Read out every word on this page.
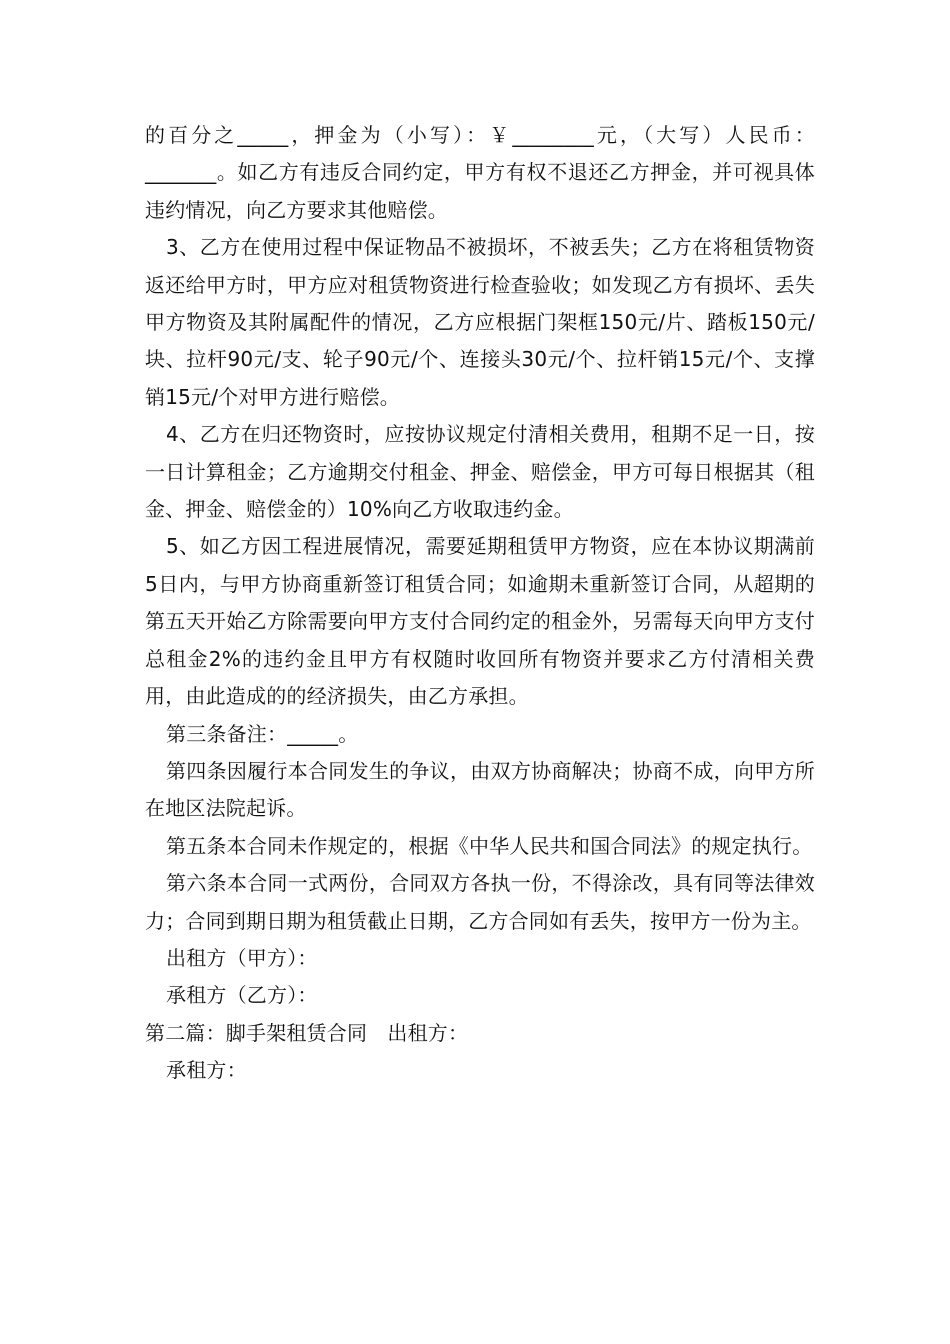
的百分之_____，押金为（小写）：￥________元，（大写）人民币：_______。如乙方有违反合同约定，甲方有权不退还乙方押金，并可视具体违约情况，向乙方要求其他赔偿。

3、乙方在使用过程中保证物品不被损坏，不被丢失；乙方在将租赁物资返还给甲方时，甲方应对租赁物资进行检查验收；如发现乙方有损坏、丢失甲方物资及其附属配件的情况，乙方应根据门架框150元/片、踏板150元/块、拉杆90元/支、轮子90元/个、连接头30元/个、拉杆销15元/个、支撑销15元/个对甲方进行赔偿。

4、乙方在归还物资时，应按协议规定付清相关费用，租期不足一日，按一日计算租金；乙方逾期交付租金、押金、赔偿金，甲方可每日根据其（租金、押金、赔偿金的）10%向乙方收取违约金。

5、如乙方因工程进展情况，需要延期租赁甲方物资，应在本协议期满前5日内，与甲方协商重新签订租赁合同；如逾期未重新签订合同，从超期的第五天开始乙方除需要向甲方支付合同约定的租金外，另需每天向甲方支付总租金2%的违约金且甲方有权随时收回所有物资并要求乙方付清相关费用，由此造成的的经济损失，由乙方承担。

第三条备注：_____。

第四条因履行本合同发生的争议，由双方协商解决；协商不成，向甲方所在地区法院起诉。

第五条本合同未作规定的，根据《中华人民共和国合同法》的规定执行。

第六条本合同一式两份，合同双方各执一份，不得涂改，具有同等法律效力；合同到期日期为租赁截止日期，乙方合同如有丢失，按甲方一份为主。

出租方（甲方）：

承租方（乙方）：

第二篇：脚手架租赁合同　出租方：

承租方：
